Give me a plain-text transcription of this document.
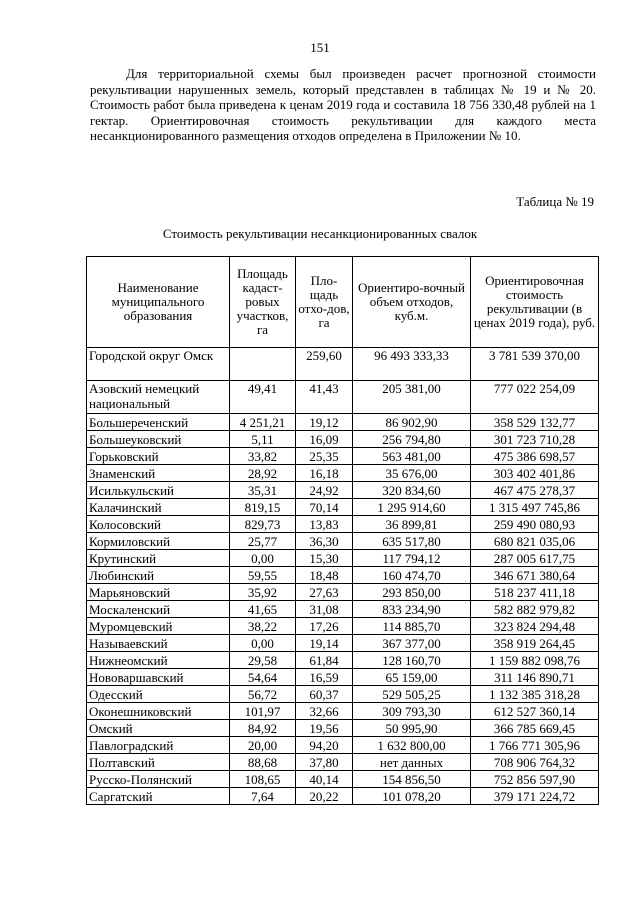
151

Для территориальной схемы был произведен расчет прогнозной стоимости рекультивации нарушенных земель, который представлен в таблицах № 19 и № 20. Стоимость работ была приведена к ценам 2019 года и составила 18 756 330,48 рублей на 1 гектар. Ориентировочная стоимость рекультивации для каждого места несанкционированного размещения отходов определена в Приложении № 10.

Таблица № 19
Стоимость рекультивации несанкционированных свалок
Наименование муниципального образования	Площадь кадаст-ровых участков, га	Пло-щадь отхо-дов, га	Ориентиро-вочный объем отходов, куб.м.	Ориентировочная стоимость рекультивации (в ценах 2019 года), руб.
Городской округ Омск		259,60	96 493 333,33	3 781 539 370,00
Азовский немецкий национальный	49,41	41,43	205 381,00	777 022 254,09
Большереченский	4 251,21	19,12	86 902,90	358 529 132,77
Большеуковский	5,11	16,09	256 794,80	301 723 710,28
Горьковский	33,82	25,35	563 481,00	475 386 698,57
Знаменский	28,92	16,18	35 676,00	303 402 401,86
Исилькульский	35,31	24,92	320 834,60	467 475 278,37
Калачинский	819,15	70,14	1 295 914,60	1 315 497 745,86
Колосовский	829,73	13,83	36 899,81	259 490 080,93
Кормиловский	25,77	36,30	635 517,80	680 821 035,06
Крутинский	0,00	15,30	117 794,12	287 005 617,75
Любинский	59,55	18,48	160 474,70	346 671 380,64
Марьяновский	35,92	27,63	293 850,00	518 237 411,18
Москаленский	41,65	31,08	833 234,90	582 882 979,82
Муромцевский	38,22	17,26	114 885,70	323 824 294,48
Называевский	0,00	19,14	367 377,00	358 919 264,45
Нижнеомский	29,58	61,84	128 160,70	1 159 882 098,76
Нововаршавский	54,64	16,59	65 159,00	311 146 890,71
Одесский	56,72	60,37	529 505,25	1 132 385 318,28
Оконешниковский	101,97	32,66	309 793,30	612 527 360,14
Омский	84,92	19,56	50 995,90	366 785 669,45
Павлоградский	20,00	94,20	1 632 800,00	1 766 771 305,96
Полтавский	88,68	37,80	нет данных	708 906 764,32
Русско-Полянский	108,65	40,14	154 856,50	752 856 597,90
Саргатский	7,64	20,22	101 078,20	379 171 224,72
